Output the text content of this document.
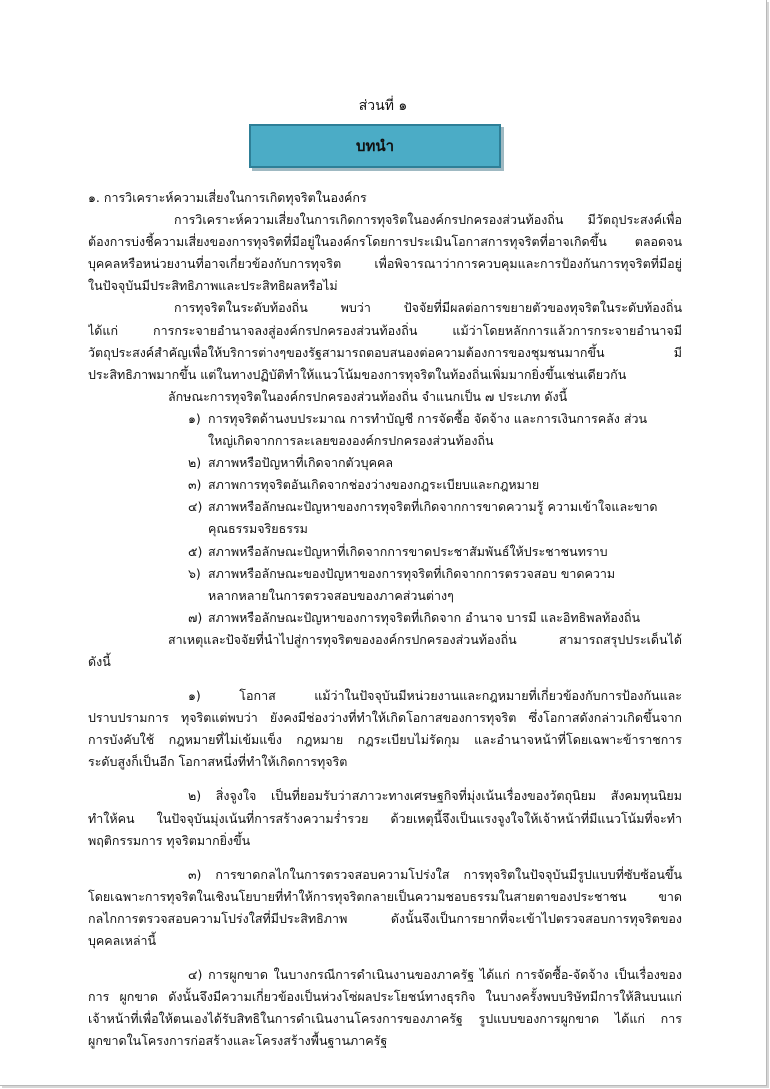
ส่วนที่ ๑
บทนำ
๑. การวิเคราะห์ความเสี่ยงในการเกิดทุจริตในองค์กร
การวิเคราะห์ความเสี่ยงในการเกิดการทุจริตในองค์กรปกครองส่วนท้องถิ่น มีวัตถุประสงค์เพื่อ
ต้องการบ่งชี้ความเสี่ยงของการทุจริตที่มีอยู่ในองค์กรโดยการประเมินโอกาสการทุจริตที่อาจเกิดขึ้น ตลอดจน
บุคคลหรือหน่วยงานที่อาจเกี่ยวข้องกับการทุจริต เพื่อพิจารณาว่าการควบคุมและการป้องกันการทุจริตที่มีอยู่
ในปัจจุบันมีประสิทธิภาพและประสิทธิผลหรือไม่
การทุจริตในระดับท้องถิ่น พบว่า ปัจจัยที่มีผลต่อการขยายตัวของทุจริตในระดับท้องถิ่น
ได้แก่ การกระจายอำนาจลงสู่องค์กรปกครองส่วนท้องถิ่น แม้ว่าโดยหลักการแล้วการกระจายอำนาจมี
วัตถุประสงค์สำคัญเพื่อให้บริการต่างๆของรัฐสามารถตอบสนองต่อความต้องการของชุมชนมากขึ้น มี
ประสิทธิภาพมากขึ้น แต่ในทางปฏิบัติทำให้แนวโน้มของการทุจริตในท้องถิ่นเพิ่มมากยิ่งขึ้นเช่นเดียวกัน
ลักษณะการทุจริตในองค์กรปกครองส่วนท้องถิ่น จำแนกเป็น ๗ ประเภท ดังนี้
๑) การทุจริตด้านงบประมาณ การทำบัญชี การจัดซื้อ จัดจ้าง และการเงินการคลัง ส่วน
ใหญ่เกิดจากการละเลยขององค์กรปกครองส่วนท้องถิ่น
๒) สภาพหรือปัญหาที่เกิดจากตัวบุคคล
๓) สภาพการทุจริตอันเกิดจากช่องว่างของกฎระเบียบและกฎหมาย
๔) สภาพหรือลักษณะปัญหาของการทุจริตที่เกิดจากการขาดความรู้ ความเข้าใจและขาด
คุณธรรมจริยธรรม
๕) สภาพหรือลักษณะปัญหาที่เกิดจากการขาดประชาสัมพันธ์ให้ประชาชนทราบ
๖) สภาพหรือลักษณะของปัญหาของการทุจริตที่เกิดจากการตรวจสอบ ขาดความ
หลากหลายในการตรวจสอบของภาคส่วนต่างๆ
๗) สภาพหรือลักษณะปัญหาของการทุจริตที่เกิดจาก อำนาจ บารมี และอิทธิพลท้องถิ่น
สาเหตุและปัจจัยที่นำไปสู่การทุจริตขององค์กรปกครองส่วนท้องถิ่น สามารถสรุปประเด็นได้
ดังนี้
๑) โอกาส แม้ว่าในปัจจุบันมีหน่วยงานและกฎหมายที่เกี่ยวข้องกับการป้องกันและ
ปราบปรามการ ทุจริตแต่พบว่า ยังคงมีช่องว่างที่ทำให้เกิดโอกาสของการทุจริต ซึ่งโอกาสดังกล่าวเกิดขึ้นจาก
การบังคับใช้ กฎหมายที่ไม่เข้มแข็ง กฎหมาย กฎระเบียบไม่รัดกุม และอำนาจหน้าที่โดยเฉพาะข้าราชการ
ระดับสูงก็เป็นอีก โอกาสหนึ่งที่ทำให้เกิดการทุจริต
๒) สิ่งจูงใจ เป็นที่ยอมรับว่าสภาวะทางเศรษฐกิจที่มุ่งเน้นเรื่องของวัตถุนิยม สังคมทุนนิยม
ทำให้คน ในปัจจุบันมุ่งเน้นที่การสร้างความร่ำรวย ด้วยเหตุนี้จึงเป็นแรงจูงใจให้เจ้าหน้าที่มีแนวโน้มที่จะทำ
พฤติกรรมการ ทุจริตมากยิ่งขึ้น
๓) การขาดกลไกในการตรวจสอบความโปร่งใส การทุจริตในปัจจุบันมีรูปแบบที่ซับซ้อนขึ้น
โดยเฉพาะการทุจริตในเชิงนโยบายที่ทำให้การทุจริตกลายเป็นความชอบธรรมในสายตาของประชาชน ขาด
กลไกการตรวจสอบความโปร่งใสที่มีประสิทธิภาพ ดังนั้นจึงเป็นการยากที่จะเข้าไปตรวจสอบการทุจริตของ
บุคคลเหล่านี้
๔) การผูกขาด ในบางกรณีการดำเนินงานของภาครัฐ ได้แก่ การจัดซื้อ-จัดจ้าง เป็นเรื่องของ
การ ผูกขาด ดังนั้นจึงมีความเกี่ยวข้องเป็นห่วงโซ่ผลประโยชน์ทางธุรกิจ ในบางครั้งพบบริษัทมีการให้สินบนแก่
เจ้าหน้าที่เพื่อให้ตนเองได้รับสิทธิในการดำเนินงานโครงการของภาครัฐ รูปแบบของการผูกขาด ได้แก่ การ
ผูกขาดในโครงการก่อสร้างและโครงสร้างพื้นฐานภาครัฐ
